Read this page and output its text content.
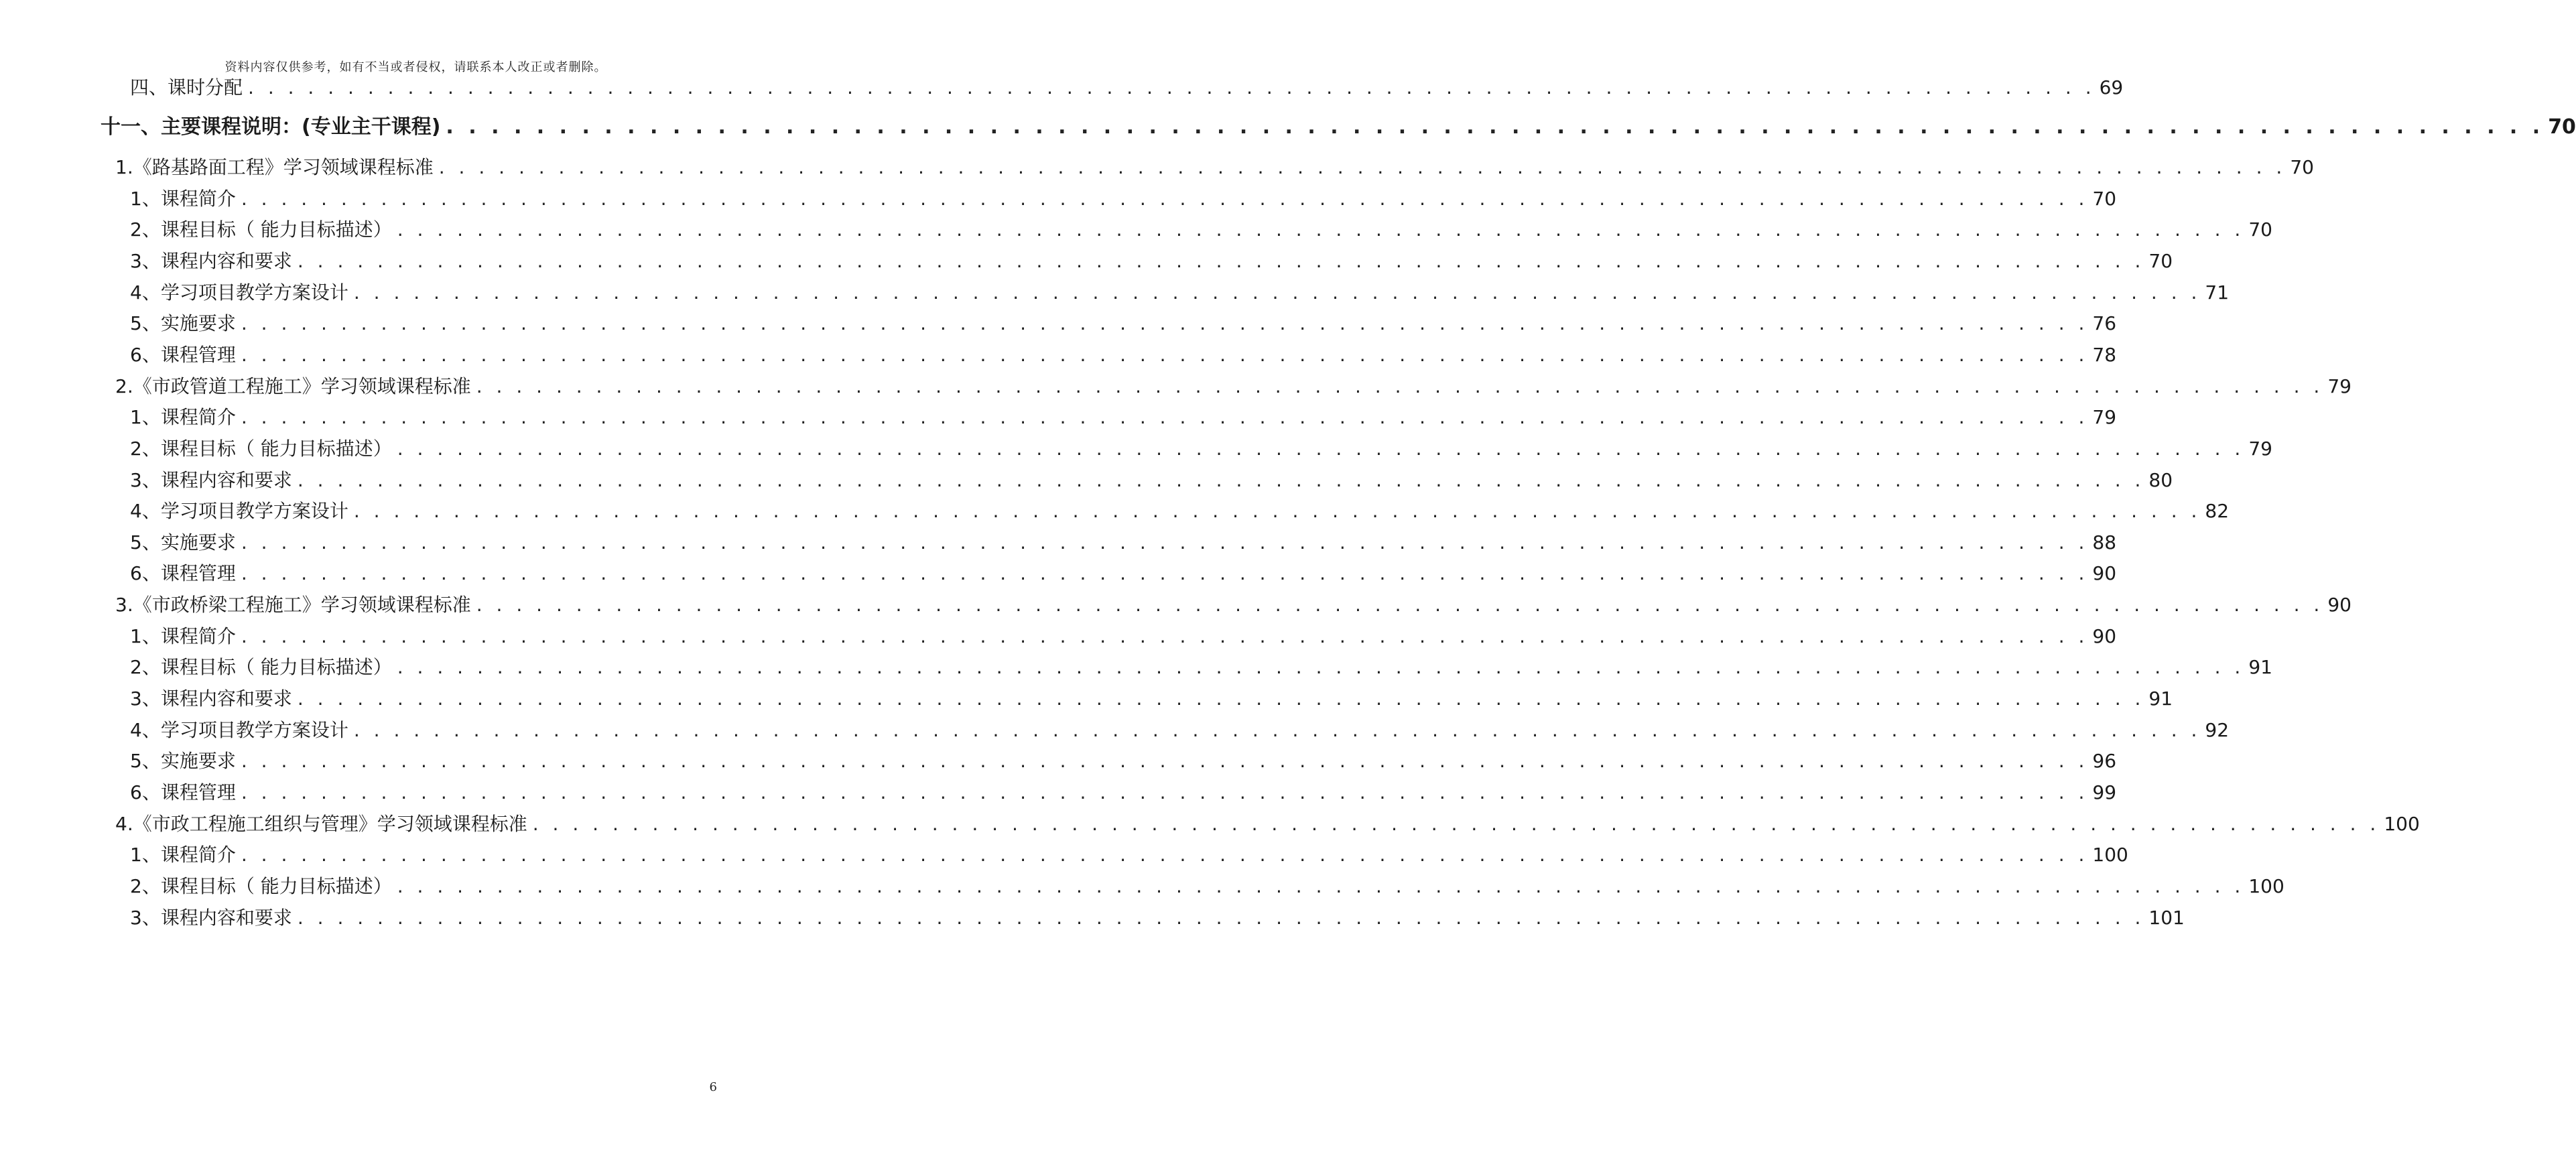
资料内容仅供参考，如有不当或者侵权，请联系本人改正或者删除。
四、 课时分配 . . . . . . . . . . . . . . . . . . . . . . . . . . . . . . . . . . . . . . . . . . . . . . . . . . . . . . . . . . . . . . . . . . . . . . . . . . . . . . . . . . . . . . . . . . . . . 69
十一、 主要课程说明：(专业主干课程) . . . . . . . . . . . . . . . . . . . . . . . . . . . . . . . . . . . . . . . . . . . . . . . . . . . . . . . . . . . . . . . . . . . . . . . . . . . . . . . . . . . . . . . . . . . . . 70
1. 《路基路面工程》学习领域课程标准 . . . . . . . . . . . . . . . . . . . . . . . . . . . . . . . . . . . . . . . . . . . . . . . . . . . . . . . . . . . . . . . . . . . . . . . . . . . . . . . . . . . . . . . . . . . . . 70
1、 课程简介 . . . . . . . . . . . . . . . . . . . . . . . . . . . . . . . . . . . . . . . . . . . . . . . . . . . . . . . . . . . . . . . . . . . . . . . . . . . . . . . . . . . . . . . . . . . . . 70
2、 课程目标（ 能力目标描述） . . . . . . . . . . . . . . . . . . . . . . . . . . . . . . . . . . . . . . . . . . . . . . . . . . . . . . . . . . . . . . . . . . . . . . . . . . . . . . . . . . . . . . . . . . . . . 70
3、 课程内容和要求 . . . . . . . . . . . . . . . . . . . . . . . . . . . . . . . . . . . . . . . . . . . . . . . . . . . . . . . . . . . . . . . . . . . . . . . . . . . . . . . . . . . . . . . . . . . . . 70
4、 学习项目教学方案设计 . . . . . . . . . . . . . . . . . . . . . . . . . . . . . . . . . . . . . . . . . . . . . . . . . . . . . . . . . . . . . . . . . . . . . . . . . . . . . . . . . . . . . . . . . . . . . 71
5、 实施要求 . . . . . . . . . . . . . . . . . . . . . . . . . . . . . . . . . . . . . . . . . . . . . . . . . . . . . . . . . . . . . . . . . . . . . . . . . . . . . . . . . . . . . . . . . . . . . 76
6、 课程管理 . . . . . . . . . . . . . . . . . . . . . . . . . . . . . . . . . . . . . . . . . . . . . . . . . . . . . . . . . . . . . . . . . . . . . . . . . . . . . . . . . . . . . . . . . . . . . 78
2. 《市政管道工程施工》学习领域课程标准 . . . . . . . . . . . . . . . . . . . . . . . . . . . . . . . . . . . . . . . . . . . . . . . . . . . . . . . . . . . . . . . . . . . . . . . . . . . . . . . . . . . . . . . . . . . . . 79
1、 课程简介 . . . . . . . . . . . . . . . . . . . . . . . . . . . . . . . . . . . . . . . . . . . . . . . . . . . . . . . . . . . . . . . . . . . . . . . . . . . . . . . . . . . . . . . . . . . . . 79
2、 课程目标（ 能力目标描述） . . . . . . . . . . . . . . . . . . . . . . . . . . . . . . . . . . . . . . . . . . . . . . . . . . . . . . . . . . . . . . . . . . . . . . . . . . . . . . . . . . . . . . . . . . . . . 79
3、 课程内容和要求 . . . . . . . . . . . . . . . . . . . . . . . . . . . . . . . . . . . . . . . . . . . . . . . . . . . . . . . . . . . . . . . . . . . . . . . . . . . . . . . . . . . . . . . . . . . . . 80
4、 学习项目教学方案设计 . . . . . . . . . . . . . . . . . . . . . . . . . . . . . . . . . . . . . . . . . . . . . . . . . . . . . . . . . . . . . . . . . . . . . . . . . . . . . . . . . . . . . . . . . . . . . 82
5、 实施要求 . . . . . . . . . . . . . . . . . . . . . . . . . . . . . . . . . . . . . . . . . . . . . . . . . . . . . . . . . . . . . . . . . . . . . . . . . . . . . . . . . . . . . . . . . . . . . 88
6、 课程管理 . . . . . . . . . . . . . . . . . . . . . . . . . . . . . . . . . . . . . . . . . . . . . . . . . . . . . . . . . . . . . . . . . . . . . . . . . . . . . . . . . . . . . . . . . . . . . 90
3. 《市政桥梁工程施工》学习领域课程标准 . . . . . . . . . . . . . . . . . . . . . . . . . . . . . . . . . . . . . . . . . . . . . . . . . . . . . . . . . . . . . . . . . . . . . . . . . . . . . . . . . . . . . . . . . . . . . 90
1、 课程简介 . . . . . . . . . . . . . . . . . . . . . . . . . . . . . . . . . . . . . . . . . . . . . . . . . . . . . . . . . . . . . . . . . . . . . . . . . . . . . . . . . . . . . . . . . . . . . 90
2、 课程目标（ 能力目标描述） . . . . . . . . . . . . . . . . . . . . . . . . . . . . . . . . . . . . . . . . . . . . . . . . . . . . . . . . . . . . . . . . . . . . . . . . . . . . . . . . . . . . . . . . . . . . . 91
3、 课程内容和要求 . . . . . . . . . . . . . . . . . . . . . . . . . . . . . . . . . . . . . . . . . . . . . . . . . . . . . . . . . . . . . . . . . . . . . . . . . . . . . . . . . . . . . . . . . . . . . 91
4、 学习项目教学方案设计 . . . . . . . . . . . . . . . . . . . . . . . . . . . . . . . . . . . . . . . . . . . . . . . . . . . . . . . . . . . . . . . . . . . . . . . . . . . . . . . . . . . . . . . . . . . . . 92
5、 实施要求 . . . . . . . . . . . . . . . . . . . . . . . . . . . . . . . . . . . . . . . . . . . . . . . . . . . . . . . . . . . . . . . . . . . . . . . . . . . . . . . . . . . . . . . . . . . . . 96
6、 课程管理 . . . . . . . . . . . . . . . . . . . . . . . . . . . . . . . . . . . . . . . . . . . . . . . . . . . . . . . . . . . . . . . . . . . . . . . . . . . . . . . . . . . . . . . . . . . . . 99
4. 《市政工程施工组织与管理》学习领域课程标准 . . . . . . . . . . . . . . . . . . . . . . . . . . . . . . . . . . . . . . . . . . . . . . . . . . . . . . . . . . . . . . . . . . . . . . . . . . . . . . . . . . . . . . . . . . . . . 100
1、 课程简介 . . . . . . . . . . . . . . . . . . . . . . . . . . . . . . . . . . . . . . . . . . . . . . . . . . . . . . . . . . . . . . . . . . . . . . . . . . . . . . . . . . . . . . . . . . . . . 100
2、 课程目标（ 能力目标描述） . . . . . . . . . . . . . . . . . . . . . . . . . . . . . . . . . . . . . . . . . . . . . . . . . . . . . . . . . . . . . . . . . . . . . . . . . . . . . . . . . . . . . . . . . . . . . 100
3、 课程内容和要求 . . . . . . . . . . . . . . . . . . . . . . . . . . . . . . . . . . . . . . . . . . . . . . . . . . . . . . . . . . . . . . . . . . . . . . . . . . . . . . . . . . . . . . . . . . . . . 101
6
